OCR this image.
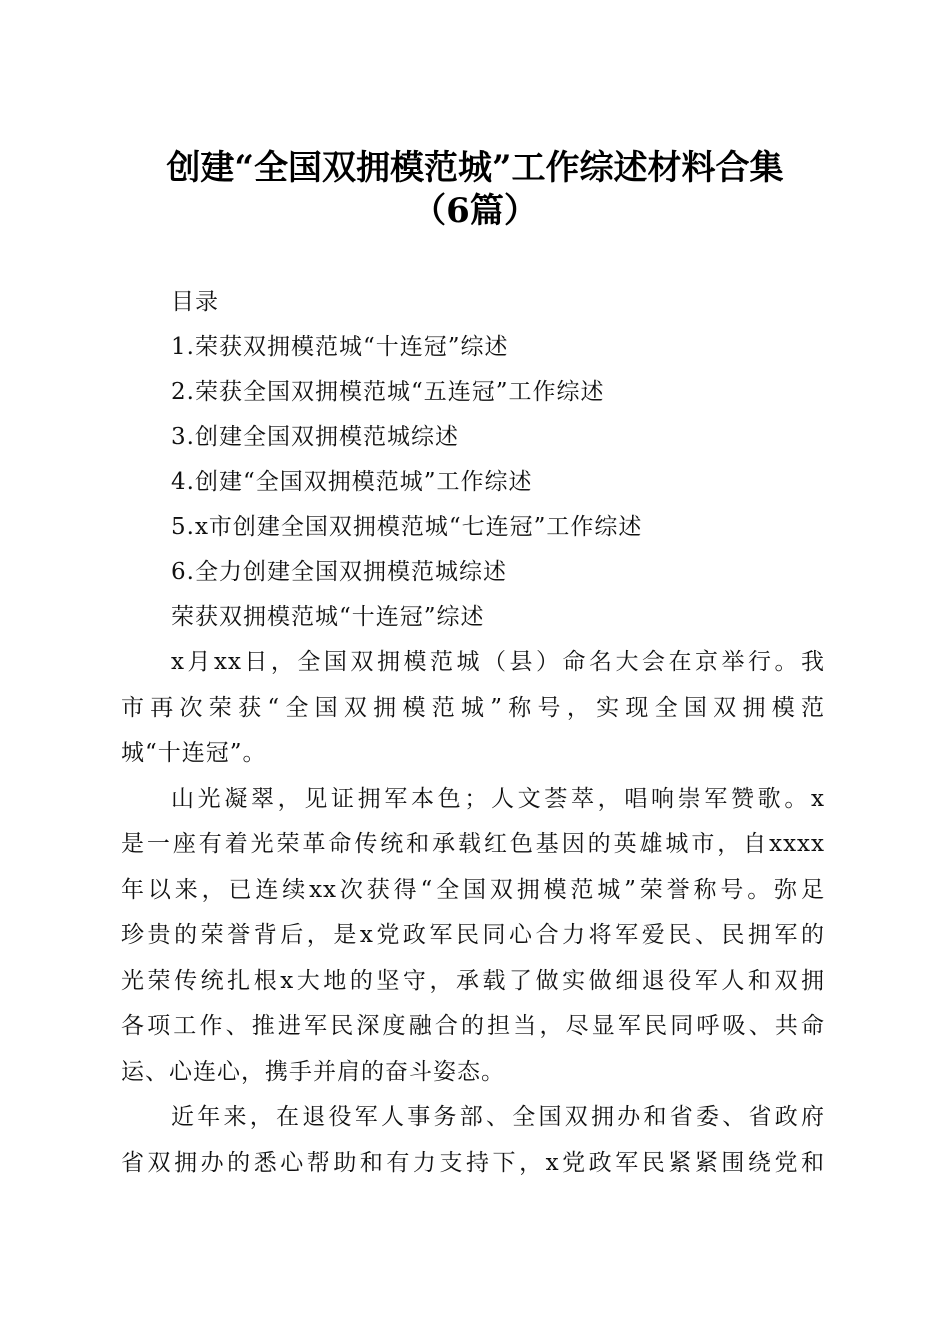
创建“全国双拥模范城”工作综述材料合集
（6篇）
目录
1.荣获双拥模范城“十连冠”综述
2.荣获全国双拥模范城“五连冠”工作综述
3.创建全国双拥模范城综述
4.创建“全国双拥模范城”工作综述
5.x市创建全国双拥模范城“七连冠”工作综述
6.全力创建全国双拥模范城综述
荣获双拥模范城“十连冠”综述
x月xx日，全国双拥模范城（县）命名大会在京举行。我
市再次荣获“全国双拥模范城”称号，实现全国双拥模范
城“十连冠”。
山光凝翠，见证拥军本色；人文荟萃，唱响崇军赞歌。x
是一座有着光荣革命传统和承载红色基因的英雄城市，自xxxx
年以来，已连续xx次获得“全国双拥模范城”荣誉称号。弥足
珍贵的荣誉背后，是x党政军民同心合力将军爱民、民拥军的
光荣传统扎根x大地的坚守，承载了做实做细退役军人和双拥
各项工作、推进军民深度融合的担当，尽显军民同呼吸、共命
运、心连心，携手并肩的奋斗姿态。
近年来，在退役军人事务部、全国双拥办和省委、省政府
省双拥办的悉心帮助和有力支持下，x党政军民紧紧围绕党和
